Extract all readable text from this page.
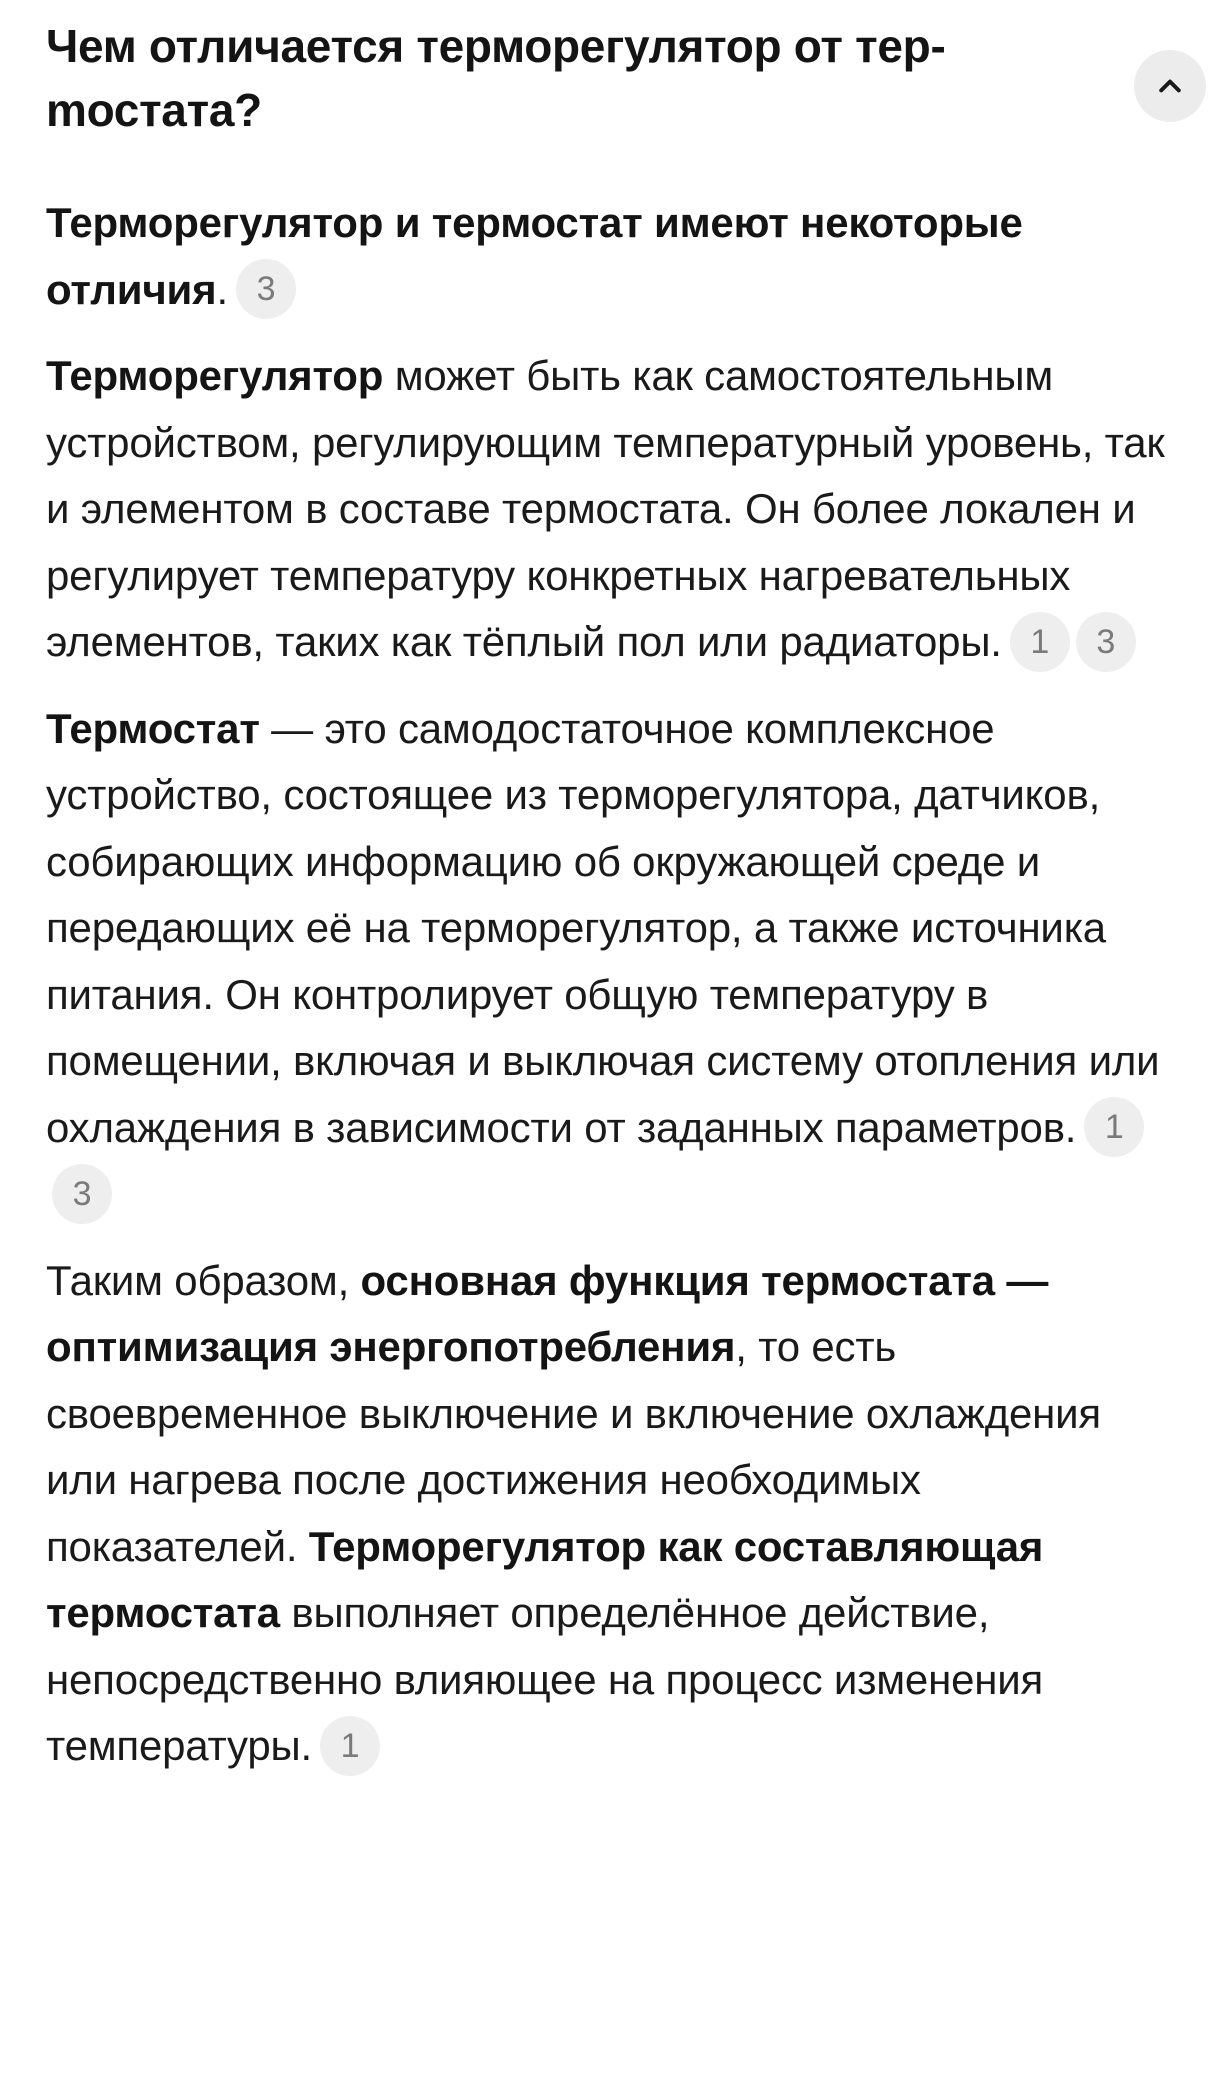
Чем отличается терморегулятор от терmостата?

Терморегулятор и термостат имеют некоторые отличия. 3

Терморегулятор может быть как самостоятельным устройством, регулирующим температурный уровень, так и элементом в составе термостата. Он более локален и регулирует температуру конкретных нагревательных элементов, таких как тёплый пол или радиаторы. 1 3

Термостат — это самодостаточное комплексное устройство, состоящее из терморегулятора, датчиков, собирающих информацию об окружающей среде и передающих её на терморегулятор, а также источника питания. Он контролирует общую температуру в помещении, включая и выключая систему отопления или охлаждения в зависимости от заданных параметров. 13

Таким образом, основная функция термостата — оптимизация энергопотребления, то есть своевременное выключение и включение охлаждения или нагрева после достижения необходимых показателей. Терморегулятор как составляющая термостата выполняет определённое действие, непосредственно влияющее на процесс изменения температуры. 1
